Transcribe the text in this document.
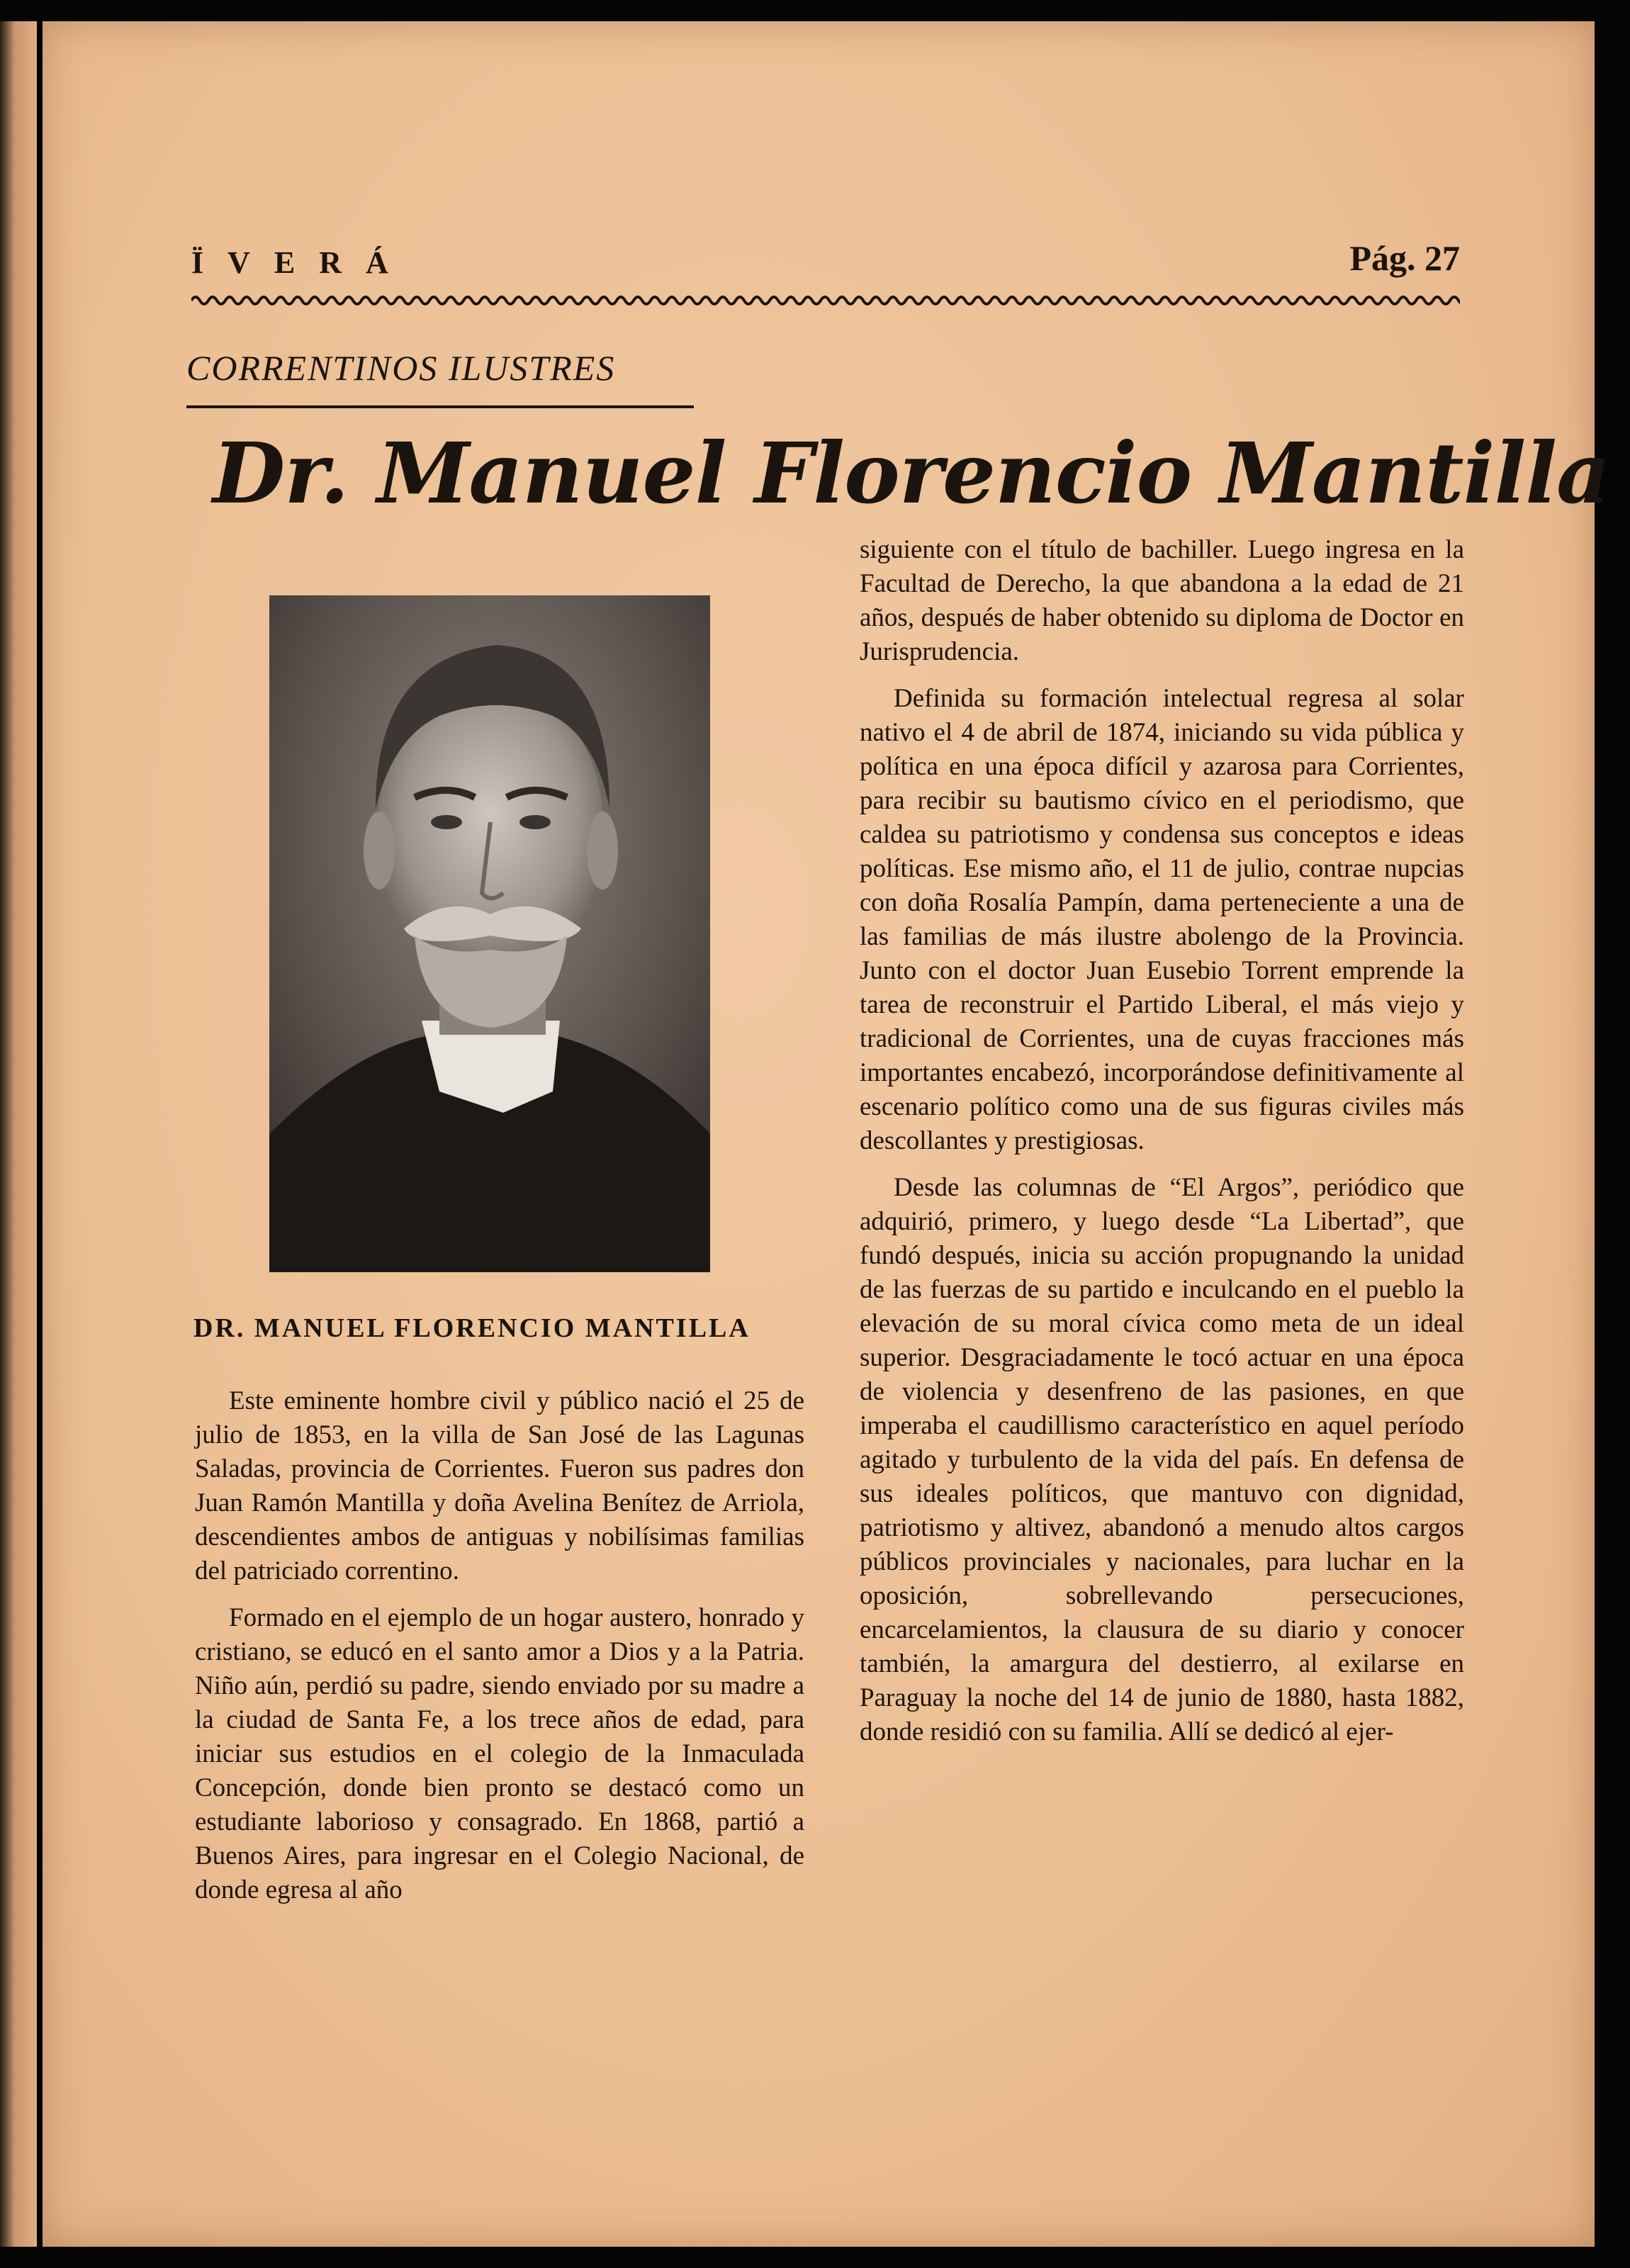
ÏVERÁ	Pág. 27
CORRENTINOS ILUSTRES
Dr. Manuel Florencio Mantilla
DR. MANUEL FLORENCIO MANTILLA

Este eminente hombre civil y público nació el 25 de julio de 1853, en la villa de San José de las Lagunas Saladas, provincia de Corrientes. Fueron sus padres don Juan Ramón Mantilla y doña Avelina Benítez de Arriola, descendientes ambos de antiguas y nobilísimas familias del patriciado correntino.

Formado en el ejemplo de un hogar austero, honrado y cristiano, se educó en el santo amor a Dios y a la Patria. Niño aún, perdió su padre, siendo enviado por su madre a la ciudad de Santa Fe, a los trece años de edad, para iniciar sus estudios en el colegio de la Inmaculada Concepción, donde bien pronto se destacó como un estudiante laborioso y consagrado. En 1868, partió a Buenos Aires, para ingresar en el Colegio Nacional, de donde egresa al año

siguiente con el título de bachiller. Luego ingresa en la Facultad de Derecho, la que abandona a la edad de 21 años, después de haber obtenido su diploma de Doctor en Jurisprudencia.

Definida su formación intelectual regresa al solar nativo el 4 de abril de 1874, iniciando su vida pública y política en una época difícil y azarosa para Corrientes, para recibir su bautismo cívico en el periodismo, que caldea su patriotismo y condensa sus conceptos e ideas políticas. Ese mismo año, el 11 de julio, contrae nupcias con doña Rosalía Pampín, dama perteneciente a una de las familias de más ilustre abolengo de la Provincia. Junto con el doctor Juan Eusebio Torrent emprende la tarea de reconstruir el Partido Liberal, el más viejo y tradicional de Corrientes, una de cuyas fracciones más importantes encabezó, incorporándose definitivamente al escenario político como una de sus figuras civiles más descollantes y prestigiosas.

Desde las columnas de “El Argos”, periódico que adquirió, primero, y luego desde “La Libertad”, que fundó después, inicia su acción propugnando la unidad de las fuerzas de su partido e inculcando en el pueblo la elevación de su moral cívica como meta de un ideal superior. Desgraciadamente le tocó actuar en una época de violencia y desenfreno de las pasiones, en que imperaba el caudillismo característico en aquel período agitado y turbulento de la vida del país. En defensa de sus ideales políticos, que mantuvo con dignidad, patriotismo y altivez, abandonó a menudo altos cargos públicos provinciales y nacionales, para luchar en la oposición, sobrellevando persecuciones, encarcelamientos, la clausura de su diario y conocer también, la amargura del destierro, al exilarse en Paraguay la noche del 14 de junio de 1880, hasta 1882, donde residió con su familia. Allí se dedicó al ejer-
